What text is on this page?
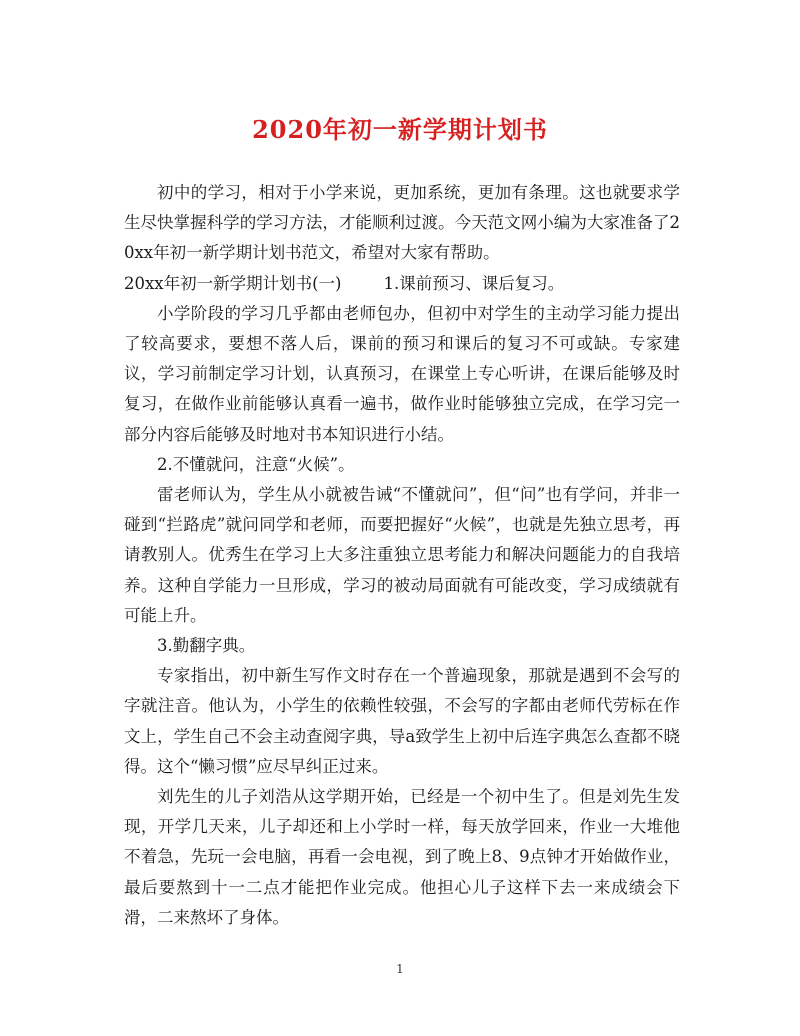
2020年初一新学期计划书

初中的学习，相对于小学来说，更加系统，更加有条理。这也就要求学生尽快掌握科学的学习方法，才能顺利过渡。今天范文网小编为大家准备了20xx年初一新学期计划书范文，希望对大家有帮助。

20xx年初一新学期计划书(一)	1.课前预习、课后复习。

小学阶段的学习几乎都由老师包办，但初中对学生的主动学习能力提出了较高要求，要想不落人后，课前的预习和课后的复习不可或缺。专家建议，学习前制定学习计划，认真预习，在课堂上专心听讲，在课后能够及时复习，在做作业前能够认真看一遍书，做作业时能够独立完成，在学习完一部分内容后能够及时地对书本知识进行小结。

2.不懂就问，注意“火候”。

雷老师认为，学生从小就被告诫“不懂就问”，但“问”也有学问，并非一碰到“拦路虎”就问同学和老师，而要把握好“火候”，也就是先独立思考，再请教别人。优秀生在学习上大多注重独立思考能力和解决问题能力的自我培养。这种自学能力一旦形成，学习的被动局面就有可能改变，学习成绩就有可能上升。

3.勤翻字典。

专家指出，初中新生写作文时存在一个普遍现象，那就是遇到不会写的字就注音。他认为，小学生的依赖性较强，不会写的字都由老师代劳标在作文上，学生自己不会主动查阅字典，导a致学生上初中后连字典怎么查都不晓得。这个“懒习惯”应尽早纠正过来。

刘先生的儿子刘浩从这学期开始，已经是一个初中生了。但是刘先生发现，开学几天来，儿子却还和上小学时一样，每天放学回来，作业一大堆他不着急，先玩一会电脑，再看一会电视，到了晚上8、9点钟才开始做作业，最后要熬到十一二点才能把作业完成。他担心儿子这样下去一来成绩会下滑，二来熬坏了身体。

1
